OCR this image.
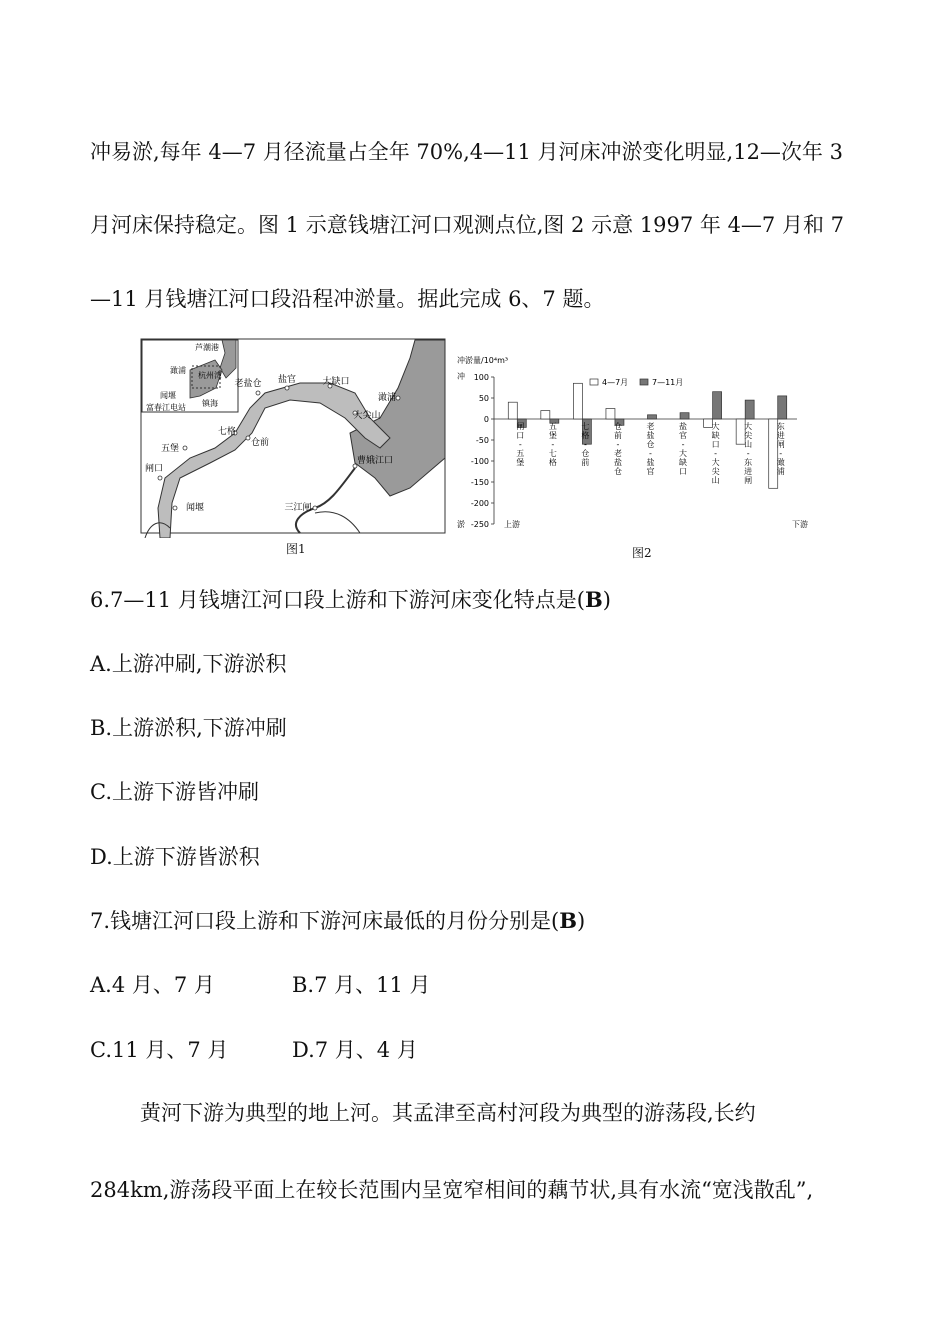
冲易淤,每年 4—7 月径流量占全年 70%,4—11 月河床冲淤变化明显,12—次年 3
月河床保持稳定。图 1 示意钱塘江河口观测点位,图 2 示意 1997 年 4—7 月和 7
—11 月钱塘江河口段沿程冲淤量。据此完成 6、7 题。
芦潮港
澉浦
杭州湾
闻堰
镇海
富春江电站
盐官	大缺口
老盐仓
澉浦
大尖山
七格
仓前
五堡
闸口
曹娥江口
闻堰	三江闸
图1
冲淤量/10⁴m³
冲
淤	上游	下游
4—7月	7—11月
100
50
0
-50
-100
-150
-200
-250
闸
口
-
五
堡
五
堡
-
七
格
七
格
-
仓
前
仓
前
-
老
盐
仓
老
盐
仓
-
盐
官
盐
官
-
大
缺
口
大
缺
口
-
大
尖
山
大
尖
山
-
东
进
闸
东
进
闸
-
澉
浦
图2
6.7—11 月钱塘江河口段上游和下游河床变化特点是(B)
A.上游冲刷,下游淤积
B.上游淤积,下游冲刷
C.上游下游皆冲刷
D.上游下游皆淤积
7.钱塘江河口段上游和下游河床最低的月份分别是(B)
A.4 月、7 月	B.7 月、11 月
C.11 月、7 月	D.7 月、4 月
黄河下游为典型的地上河。其孟津至高村河段为典型的游荡段,长约
284km,游荡段平面上在较长范围内呈宽窄相间的藕节状,具有水流“宽浅散乱”,
